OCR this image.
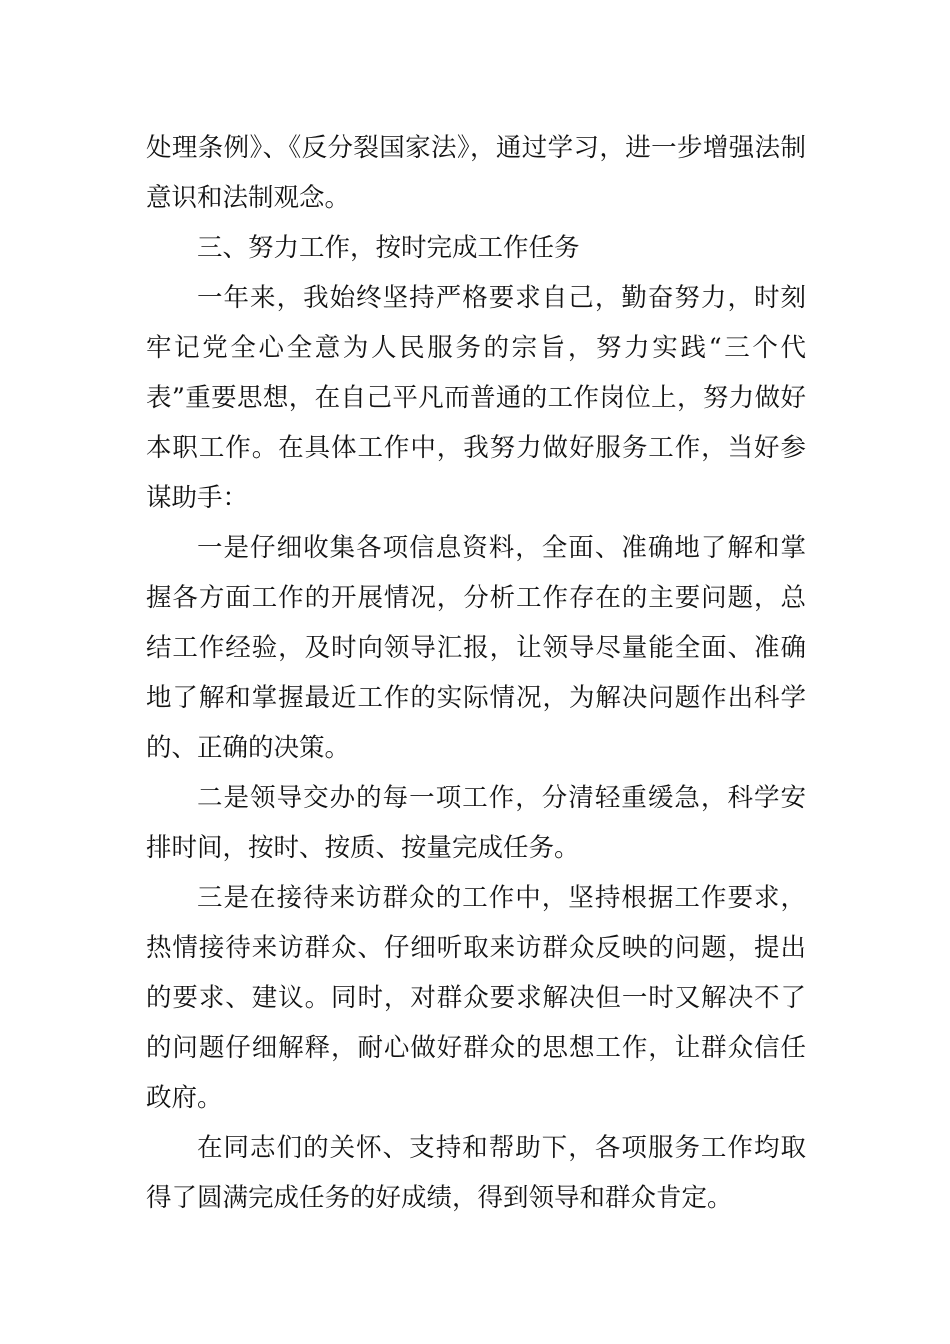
处理条例》、《反分裂国家法》，通过学习，进一步增强法制意识和法制观念。

三、努力工作，按时完成工作任务

一年来，我始终坚持严格要求自己，勤奋努力，时刻牢记党全心全意为人民服务的宗旨，努力实践“三个代表”重要思想，在自己平凡而普通的工作岗位上，努力做好本职工作。在具体工作中，我努力做好服务工作，当好参谋助手：

一是仔细收集各项信息资料，全面、准确地了解和掌握各方面工作的开展情况，分析工作存在的主要问题，总结工作经验，及时向领导汇报，让领导尽量能全面、准确地了解和掌握最近工作的实际情况，为解决问题作出科学的、正确的决策。

二是领导交办的每一项工作，分清轻重缓急，科学安排时间，按时、按质、按量完成任务。

三是在接待来访群众的工作中，坚持根据工作要求，热情接待来访群众、仔细听取来访群众反映的问题，提出的要求、建议。同时，对群众要求解决但一时又解决不了的问题仔细解释，耐心做好群众的思想工作，让群众信任政府。

在同志们的关怀、支持和帮助下，各项服务工作均取得了圆满完成任务的好成绩，得到领导和群众肯定。
